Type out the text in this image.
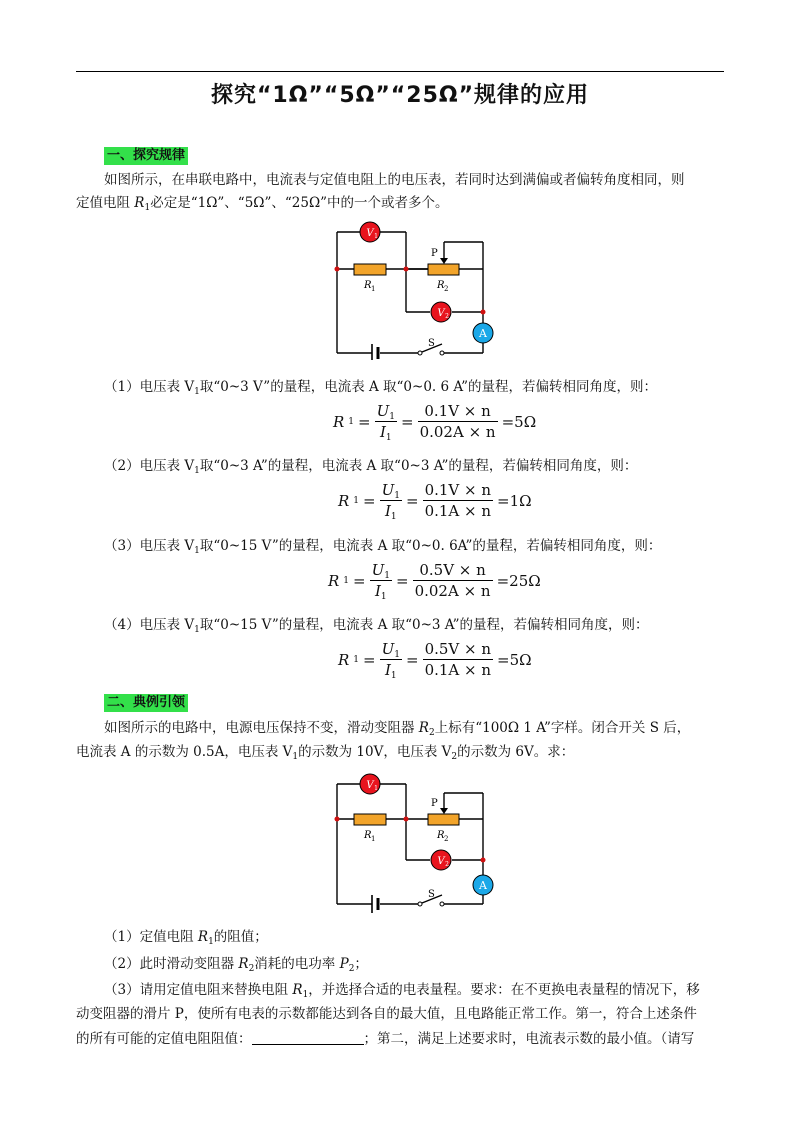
探究“1Ω”“5Ω”“25Ω”规律的应用
一、探究规律
如图所示，在串联电路中，电流表与定值电阻上的电压表，若同时达到满偏或者偏转角度相同，则
定值电阻 $R_1$必定是“1Ω”、“5Ω”、“25Ω”中的一个或者多个。
V 1
V 2
A
R 1	R 2
P
S
（1）电压表 $V_1$取“0~3 V”的量程，电流表 A 取“0~0. 6 A”的量程，若偏转相同角度，则：
R $1 = \frac{U_1}{I_1} = \frac{0.1V \times n}{0.02A \times n} =5\Omega$
（2）电压表 $V_1$取“0~3 A”的量程，电流表 A 取“0~3 A”的量程，若偏转相同角度，则：
R $1 = \frac{U_1}{I_1} = \frac{0.1V \times n}{0.1A \times n} =1\Omega$
（3）电压表 $V_1$取“0~15 V”的量程，电流表 A 取“0~0. 6A”的量程，若偏转相同角度，则：
R $1 = \frac{U_1}{I_1} = \frac{0.5V \times n}{0.02A \times n} =25\Omega$
（4）电压表 $V_1$取“0~15 V”的量程，电流表 A 取“0~3 A”的量程，若偏转相同角度，则：
R $1 = \frac{U_1}{I_1} = \frac{0.5V \times n}{0.1A \times n} =5\Omega$
二、典例引领
如图所示的电路中，电源电压保持不变，滑动变阻器 $R_2$上标有“100Ω 1 A”字样。闭合开关 S 后，
电流表 A 的示数为 0.5A，电压表 $V_1$的示数为 10V，电压表 $V_2$的示数为 6V。求：
V 1
V 2
A
R 1	R 2
P
S
（1）定值电阻 $R_1$的阻值；
（2）此时滑动变阻器 $R_2$消耗的电功率 $P_2$；
（3）请用定值电阻来替换电阻 $R_1$，并选择合适的电表量程。要求：在不更换电表量程的情况下，移
动变阻器的滑片 P，使所有电表的示数都能达到各自的最大值，且电路能正常工作。第一，符合上述条件
的所有可能的定值电阻阻值：	；第二，满足上述要求时，电流表示数的最小值。（请写
